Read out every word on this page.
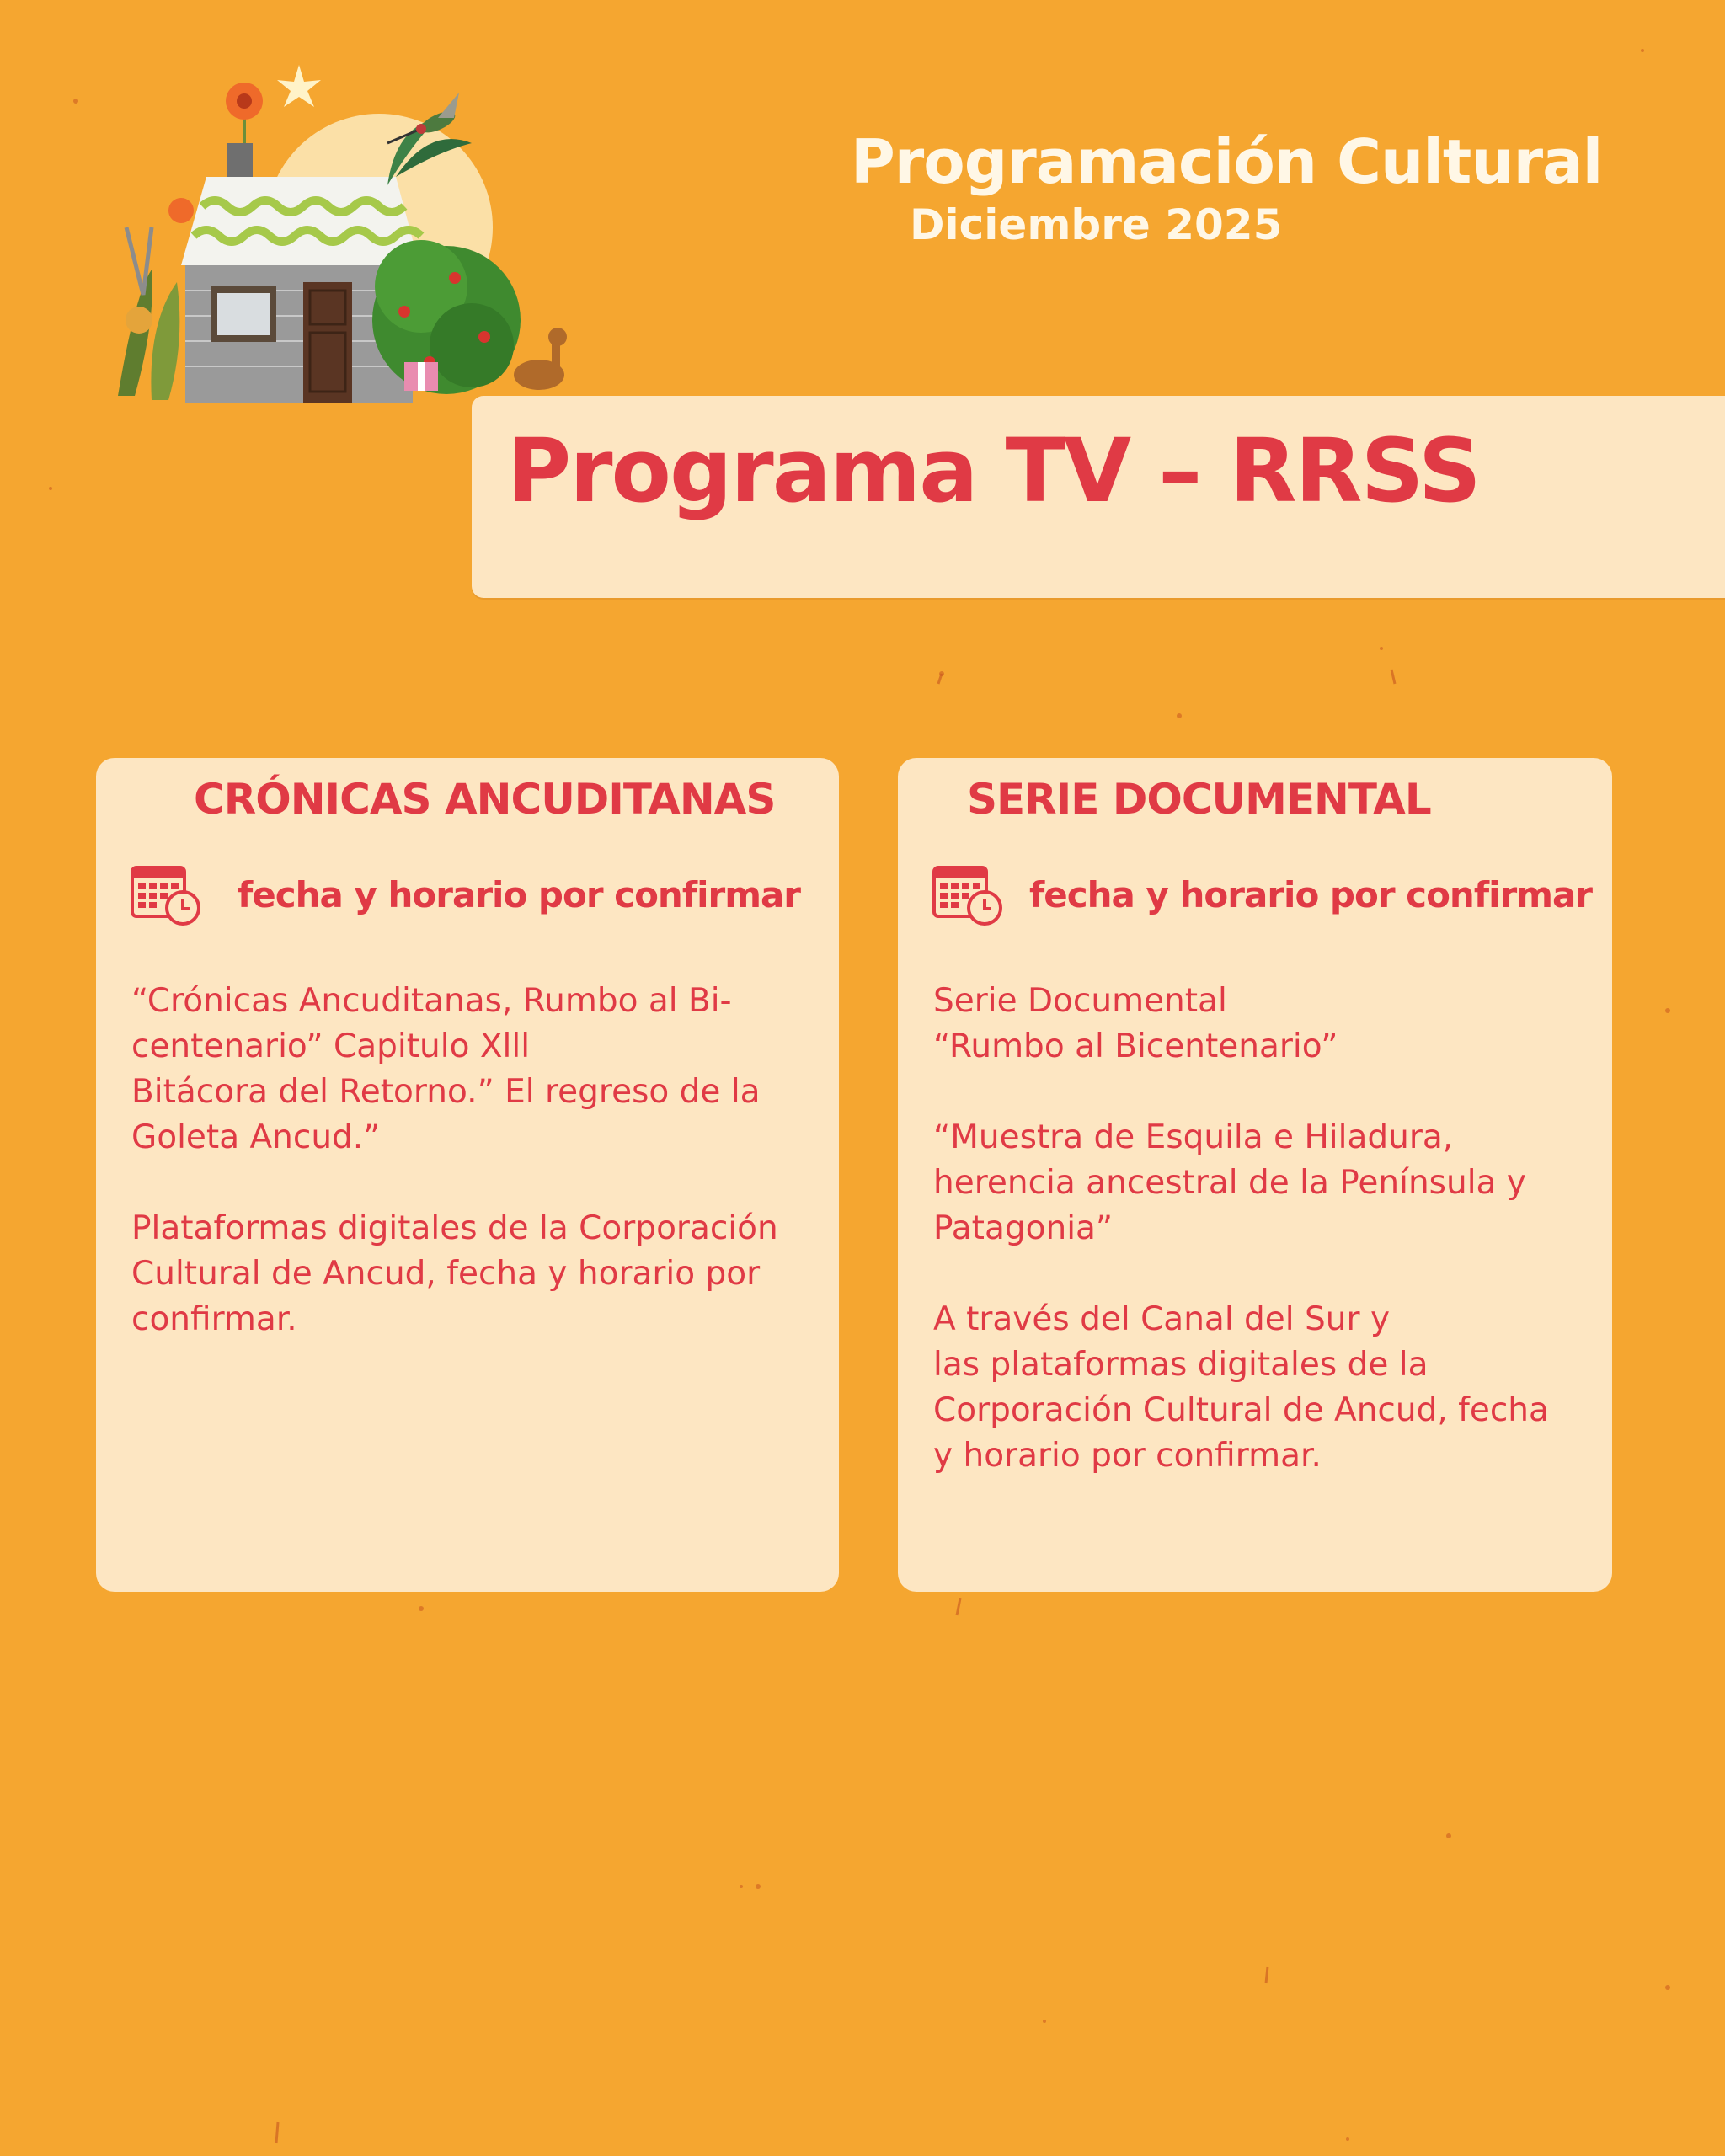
Programación Cultural
Diciembre 2025
Programa TV – RRSS
CRÓNICAS ANCUDITANAS
fecha y horario por confirmar

“Crónicas Ancuditanas, Rumbo al Bi-
centenario” Capitulo Xlll
Bitácora del Retorno.” El regreso de la
Goleta Ancud.”

Plataformas digitales de la Corporación
Cultural de Ancud, fecha y horario por
confirmar.

SERIE DOCUMENTAL
fecha y horario por confirmar

Serie Documental
“Rumbo al Bicentenario”

“Muestra de Esquila e Hiladura,
herencia ancestral de la Península y
Patagonia”

A través del Canal del Sur y
las plataformas digitales de la
Corporación Cultural de Ancud, fecha
y horario por confirmar.
